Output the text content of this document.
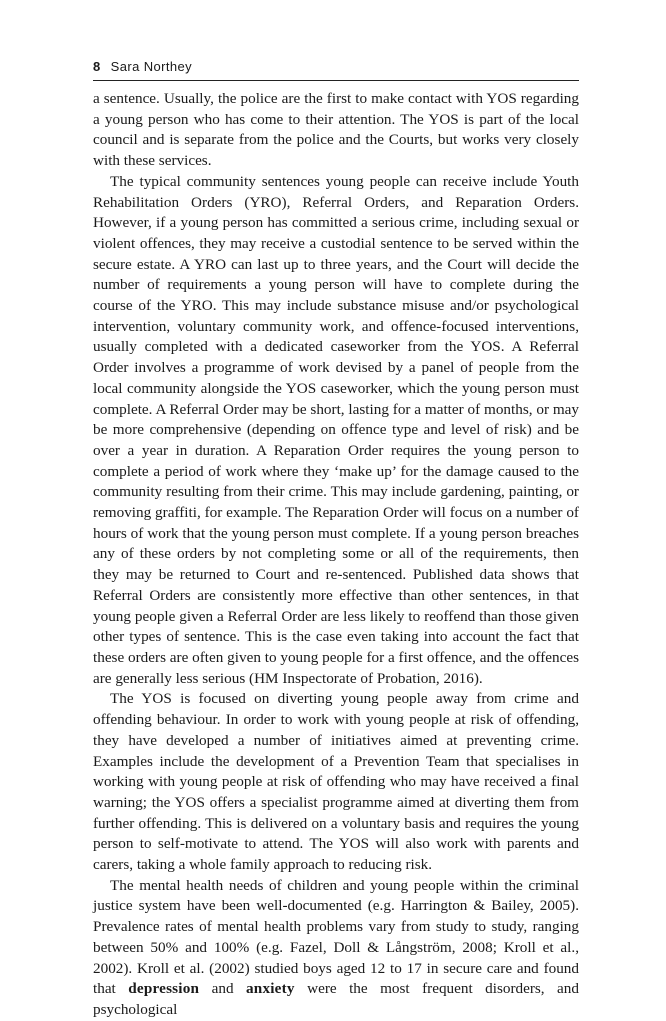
8 Sara Northey

a sentence. Usually, the police are the first to make contact with YOS regarding a young person who has come to their attention. The YOS is part of the local council and is separate from the police and the Courts, but works very closely with these services.

The typical community sentences young people can receive include Youth Rehabilitation Orders (YRO), Referral Orders, and Reparation Orders. However, if a young person has committed a serious crime, including sexual or violent offences, they may receive a custodial sentence to be served within the secure estate. A YRO can last up to three years, and the Court will decide the number of requirements a young person will have to complete during the course of the YRO. This may include substance misuse and/or psychological intervention, voluntary community work, and offence-focused interventions, usually completed with a dedicated caseworker from the YOS. A Referral Order involves a programme of work devised by a panel of people from the local community alongside the YOS caseworker, which the young person must complete. A Referral Order may be short, lasting for a matter of months, or may be more comprehensive (depending on offence type and level of risk) and be over a year in duration. A Reparation Order requires the young person to complete a period of work where they ‘make up’ for the damage caused to the community resulting from their crime. This may include gardening, painting, or removing graffiti, for example. The Reparation Order will focus on a number of hours of work that the young person must complete. If a young person breaches any of these orders by not completing some or all of the requirements, then they may be returned to Court and re-sentenced. Published data shows that Referral Orders are consistently more effective than other sentences, in that young people given a Referral Order are less likely to reoffend than those given other types of sentence. This is the case even taking into account the fact that these orders are often given to young people for a first offence, and the offences are generally less serious (HM Inspectorate of Probation, 2016).

The YOS is focused on diverting young people away from crime and offending behaviour. In order to work with young people at risk of offending, they have developed a number of initiatives aimed at preventing crime. Examples include the development of a Prevention Team that specialises in working with young people at risk of offending who may have received a final warning; the YOS offers a specialist programme aimed at diverting them from further offending. This is delivered on a voluntary basis and requires the young person to self-motivate to attend. The YOS will also work with parents and carers, taking a whole family approach to reducing risk.

The mental health needs of children and young people within the criminal justice system have been well-documented (e.g. Harrington & Bailey, 2005). Prevalence rates of mental health problems vary from study to study, ranging between 50% and 100% (e.g. Fazel, Doll & Långström, 2008; Kroll et al., 2002). Kroll et al. (2002) studied boys aged 12 to 17 in secure care and found that depression and anxiety were the most frequent disorders, and psychological
